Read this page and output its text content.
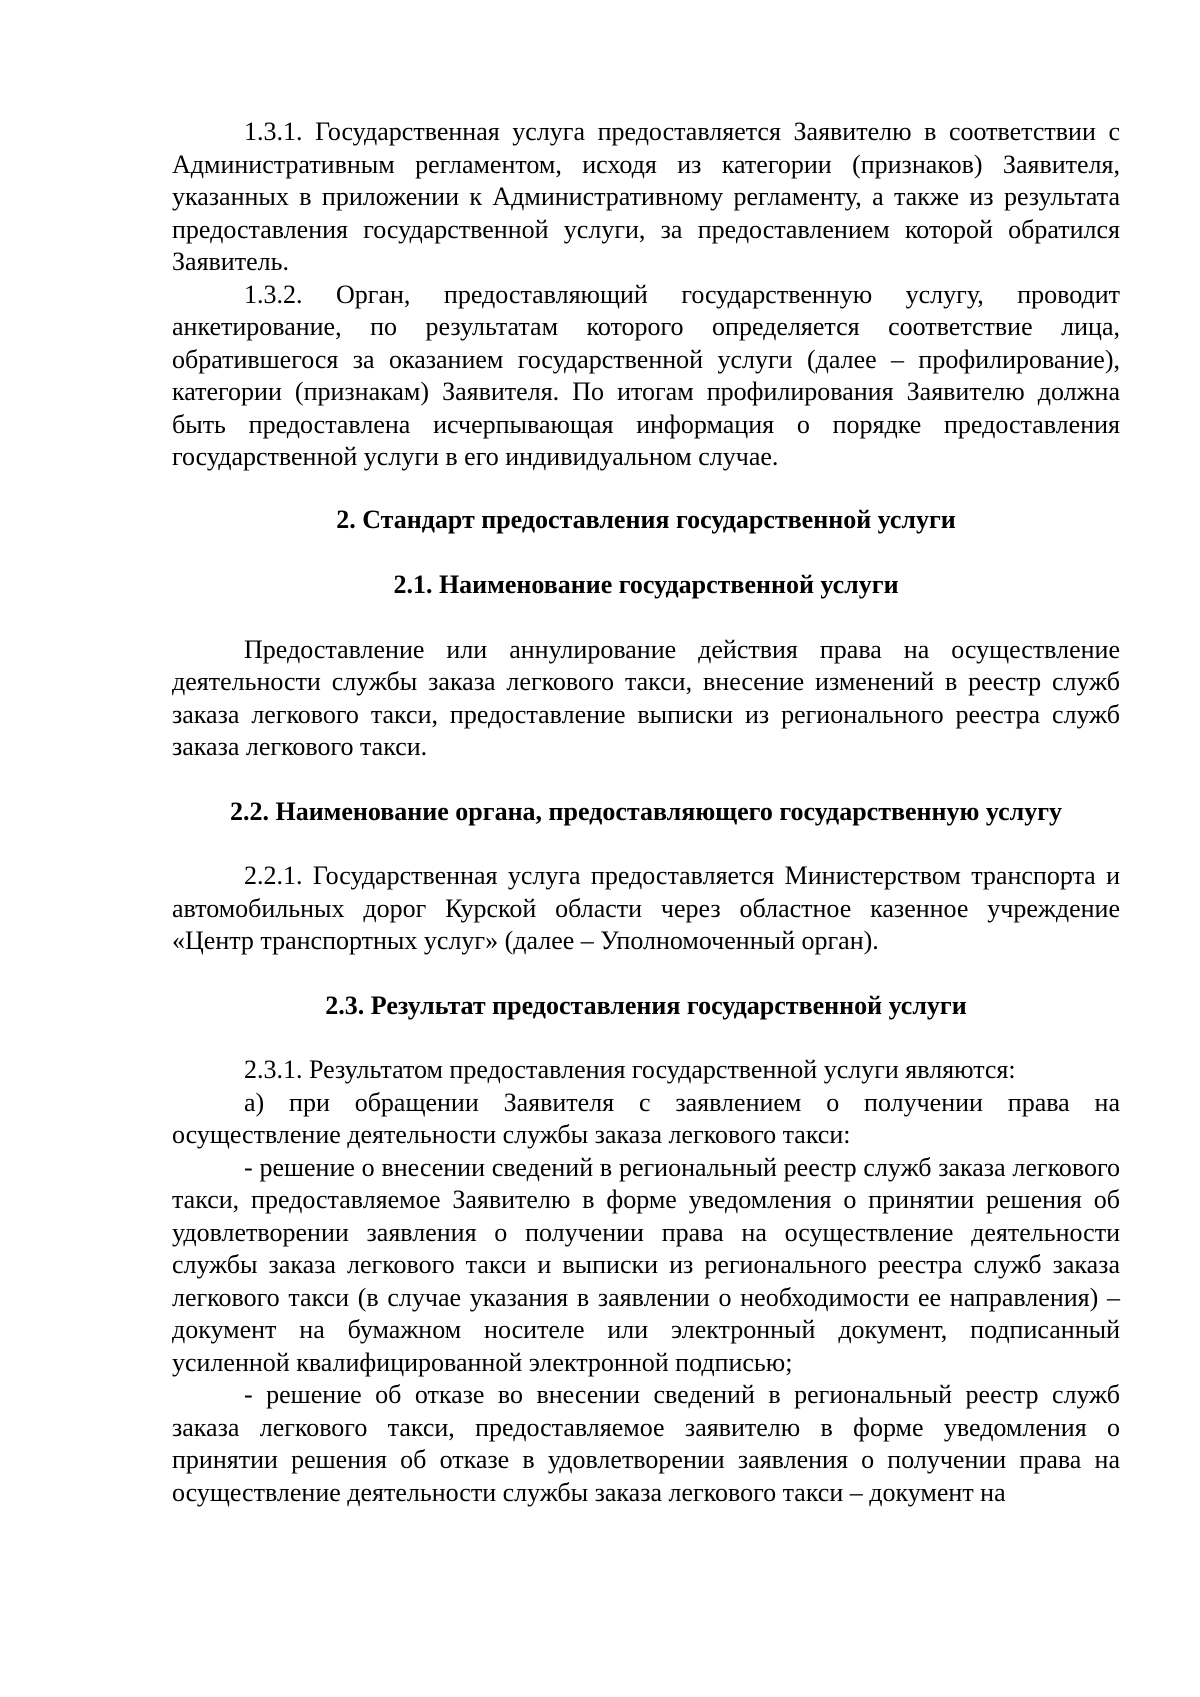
1.3.1. Государственная услуга предоставляется Заявителю в соответствии с Административным регламентом, исходя из категории (признаков) Заявителя, указанных в приложении к Административному регламенту, а также из результата предоставления государственной услуги, за предоставлением которой обратился Заявитель.

1.3.2. Орган, предоставляющий государственную услугу, проводит анкетирование, по результатам которого определяется соответствие лица, обратившегося за оказанием государственной услуги (далее – профилирование), категории (признакам) Заявителя. По итогам профилирования Заявителю должна быть предоставлена исчерпывающая информация о порядке предоставления государственной услуги в его индивидуальном случае.

2. Стандарт предоставления государственной услуги

2.1. Наименование государственной услуги

Предоставление или аннулирование действия права на осуществление деятельности службы заказа легкового такси, внесение изменений в реестр служб заказа легкового такси, предоставление выписки из регионального реестра служб заказа легкового такси.

2.2. Наименование органа, предоставляющего государственную услугу

2.2.1. Государственная услуга предоставляется Министерством транспорта и автомобильных дорог Курской области через областное казенное учреждение «Центр транспортных услуг» (далее – Уполномоченный орган).

2.3. Результат предоставления государственной услуги

2.3.1. Результатом предоставления государственной услуги являются:

а) при обращении Заявителя с заявлением о получении права на осуществление деятельности службы заказа легкового такси:

- решение о внесении сведений в региональный реестр служб заказа легкового такси, предоставляемое Заявителю в форме уведомления о принятии решения об удовлетворении заявления о получении права на осуществление деятельности службы заказа легкового такси и выписки из регионального реестра служб заказа легкового такси (в случае указания в заявлении о необходимости ее направления) – документ на бумажном носителе или электронный документ, подписанный усиленной квалифицированной электронной подписью;

- решение об отказе во внесении сведений в региональный реестр служб заказа легкового такси, предоставляемое заявителю в форме уведомления о принятии решения об отказе в удовлетворении заявления о получении права на осуществление деятельности службы заказа легкового такси – документ на
